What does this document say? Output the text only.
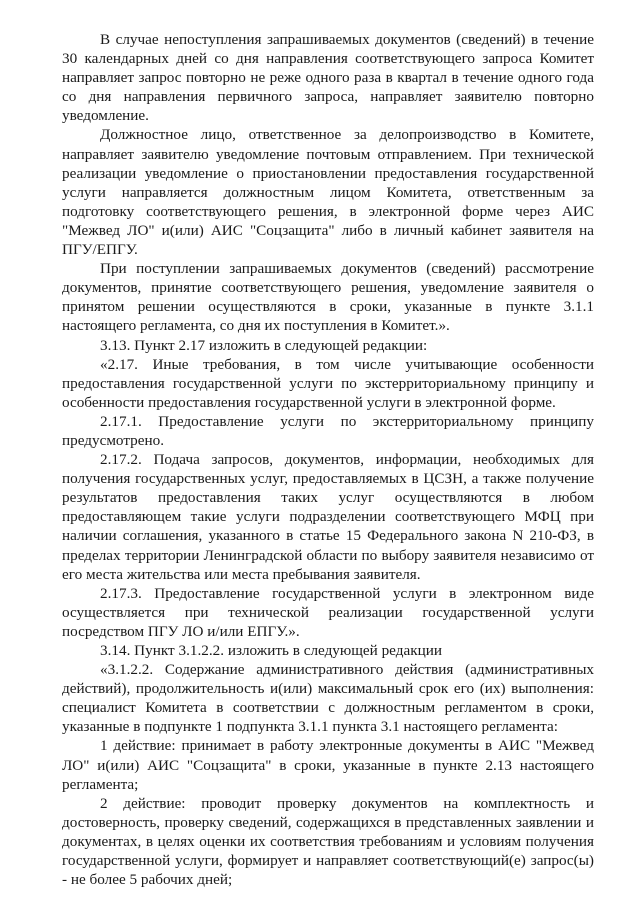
В случае непоступления запрашиваемых документов (сведений) в течение 30 календарных дней со дня направления соответствующего запроса Комитет направляет запрос повторно не реже одного раза в квартал в течение одного года со дня направления первичного запроса, направляет заявителю повторно уведомление.

Должностное лицо, ответственное за делопроизводство в Комитете, направляет заявителю уведомление почтовым отправлением. При технической реализации уведомление о приостановлении предоставления государственной услуги направляется должностным лицом Комитета, ответственным за подготовку соответствующего решения, в электронной форме через АИС "Межвед ЛО" и(или) АИС "Соцзащита" либо в личный кабинет заявителя на ПГУ/ЕПГУ.

При поступлении запрашиваемых документов (сведений) рассмотрение документов, принятие соответствующего решения, уведомление заявителя о принятом решении осуществляются в сроки, указанные в пункте 3.1.1 настоящего регламента, со дня их поступления в Комитет.».

3.13. Пункт 2.17 изложить в следующей редакции:

«2.17. Иные требования, в том числе учитывающие особенности предоставления государственной услуги по экстерриториальному принципу и особенности предоставления государственной услуги в электронной форме.

2.17.1. Предоставление услуги по экстерриториальному принципу предусмотрено.

2.17.2. Подача запросов, документов, информации, необходимых для получения государственных услуг, предоставляемых в ЦСЗН, а также получение результатов предоставления таких услуг осуществляются в любом предоставляющем такие услуги подразделении соответствующего МФЦ при наличии соглашения, указанного в статье 15 Федерального закона N 210-ФЗ, в пределах территории Ленинградской области по выбору заявителя независимо от его места жительства или места пребывания заявителя.

2.17.3. Предоставление государственной услуги в электронном виде осуществляется при технической реализации государственной услуги посредством ПГУ ЛО и/или ЕПГУ.».

3.14. Пункт 3.1.2.2. изложить в следующей редакции

«3.1.2.2. Содержание административного действия (административных действий), продолжительность и(или) максимальный срок его (их) выполнения: специалист Комитета в соответствии с должностным регламентом в сроки, указанные в подпункте 1 подпункта 3.1.1 пункта 3.1 настоящего регламента:

1 действие: принимает в работу электронные документы в АИС "Межвед ЛО" и(или) АИС "Соцзащита" в сроки, указанные в пункте 2.13 настоящего регламента;

2 действие: проводит проверку документов на комплектность и достоверность, проверку сведений, содержащихся в представленных заявлении и документах, в целях оценки их соответствия требованиям и условиям получения государственной услуги, формирует и направляет соответствующий(е) запрос(ы) - не более 5 рабочих дней;
